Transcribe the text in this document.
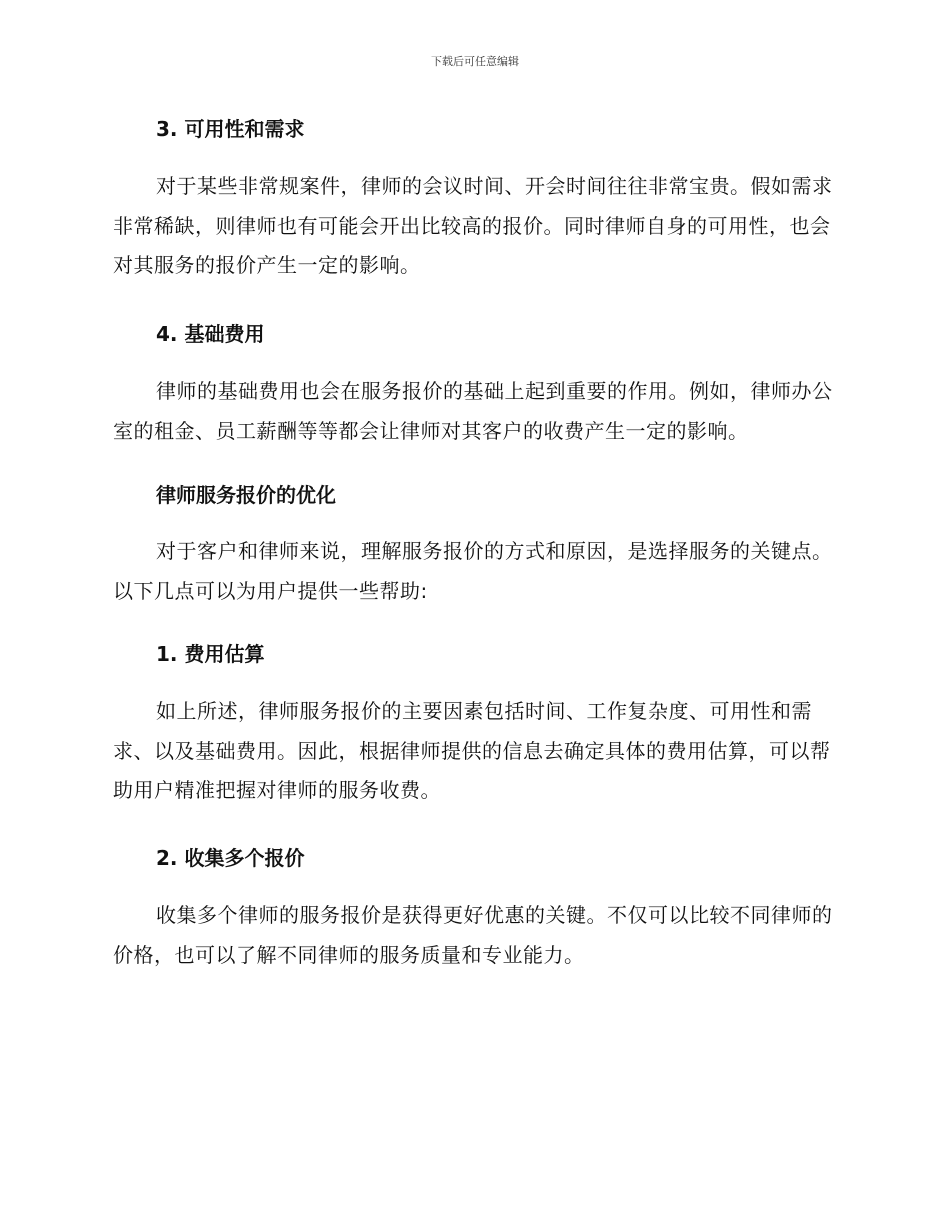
下载后可任意编辑
3. 可用性和需求

对于某些非常规案件，律师的会议时间、开会时间往往非常宝贵。假如需求非常稀缺，则律师也有可能会开出比较高的报价。同时律师自身的可用性，也会对其服务的报价产生一定的影响。

4. 基础费用

律师的基础费用也会在服务报价的基础上起到重要的作用。例如，律师办公室的租金、员工薪酬等等都会让律师对其客户的收费产生一定的影响。

律师服务报价的优化

对于客户和律师来说，理解服务报价的方式和原因，是选择服务的关键点。以下几点可以为用户提供一些帮助:

1. 费用估算

如上所述，律师服务报价的主要因素包括时间、工作复杂度、可用性和需求、以及基础费用。因此，根据律师提供的信息去确定具体的费用估算，可以帮助用户精准把握对律师的服务收费。

2. 收集多个报价

收集多个律师的服务报价是获得更好优惠的关键。不仅可以比较不同律师的价格，也可以了解不同律师的服务质量和专业能力。
